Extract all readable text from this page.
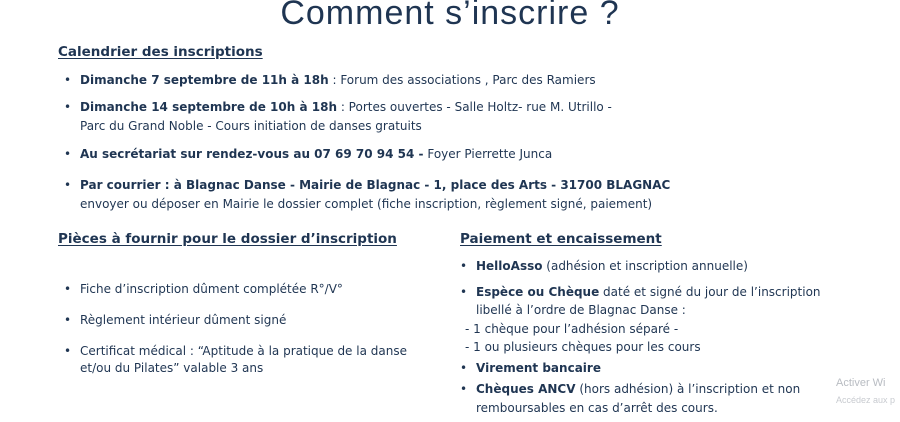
Comment s’inscrire ?
Calendrier des inscriptions
• Dimanche 7 septembre de 11h à 18h : Forum des associations , Parc des Ramiers
• Dimanche 14 septembre de 10h à 18h : Portes ouvertes - Salle Holtz- rue M. Utrillo -
Parc du Grand Noble - Cours initiation de danses gratuits
• Au secrétariat sur rendez-vous au 07 69 70 94 54 - Foyer Pierrette Junca
• Par courrier : à Blagnac Danse - Mairie de Blagnac - 1, place des Arts - 31700 BLAGNAC
envoyer ou déposer en Mairie le dossier complet (fiche inscription, règlement signé, paiement)
Pièces à fournir pour le dossier d’inscription
• Fiche d’inscription dûment complétée R°/V°
• Règlement intérieur dûment signé
• Certificat médical : “Aptitude à la pratique de la danse
et/ou du Pilates” valable 3 ans
Paiement et encaissement
• HelloAsso (adhésion et inscription annuelle)
• Espèce ou Chèque daté et signé du jour de l’inscription
libellé à l’ordre de Blagnac Danse :
- 1 chèque pour l’adhésion séparé -
- 1 ou plusieurs chèques pour les cours
• Virement bancaire
• Chèques ANCV (hors adhésion) à l’inscription et non
remboursables en cas d’arrêt des cours.
Activer Wi
Accédez aux p
